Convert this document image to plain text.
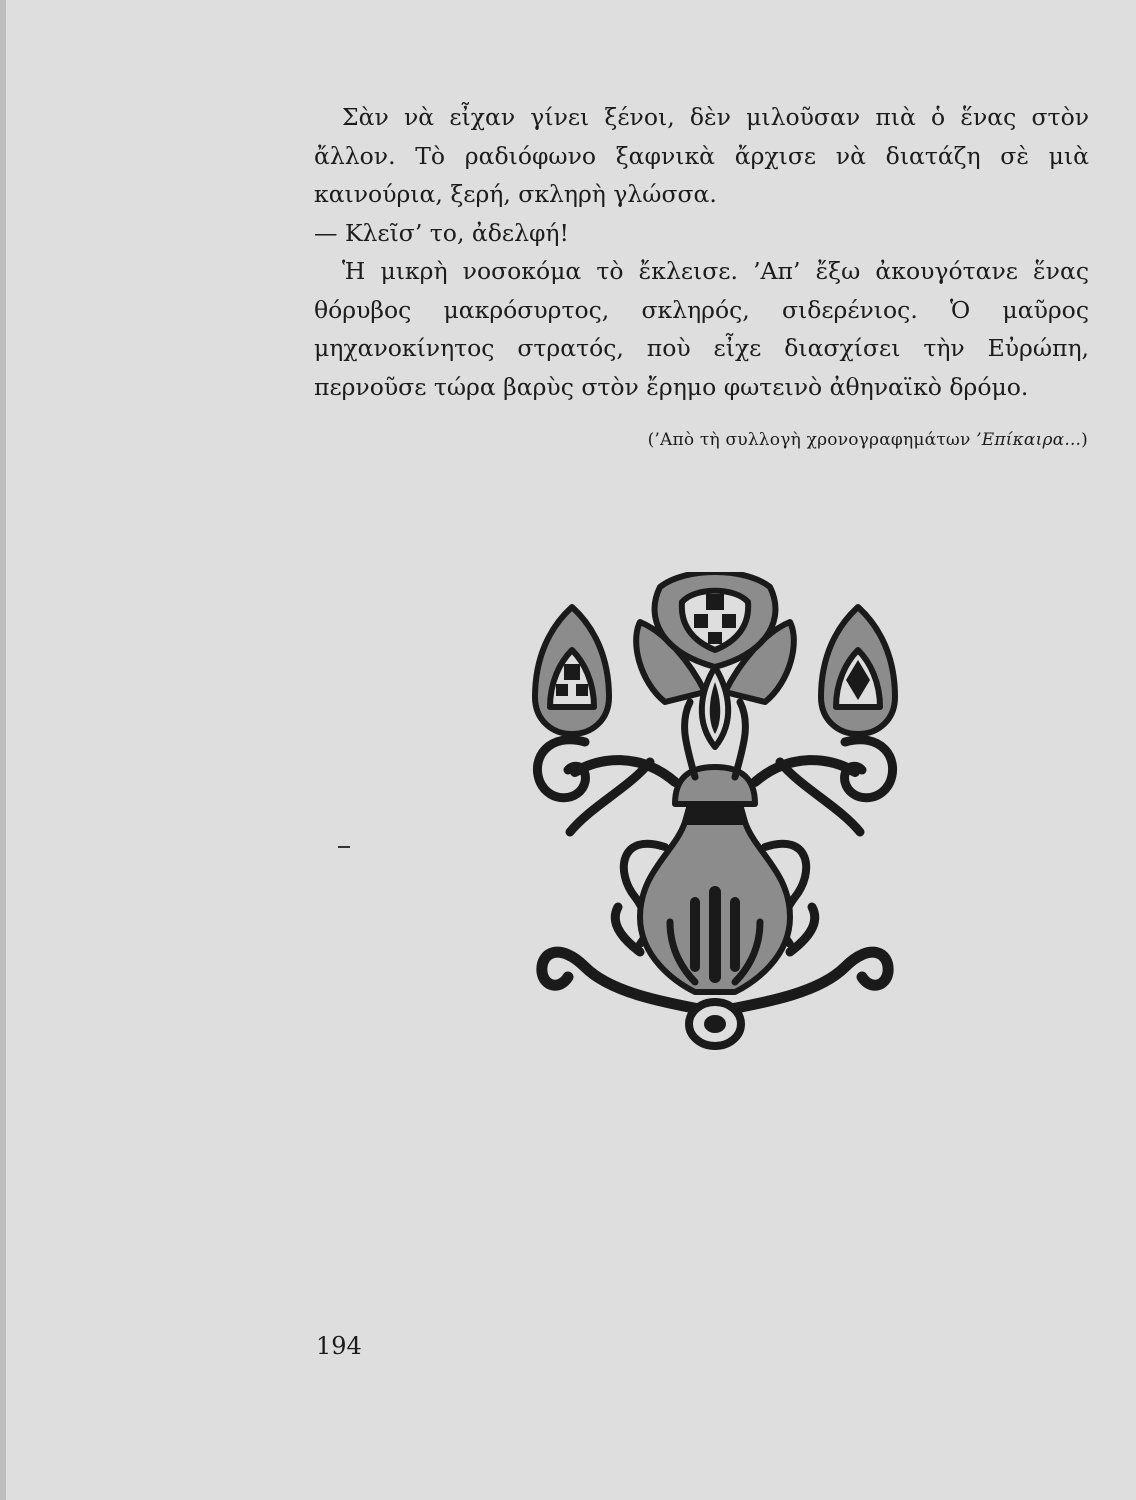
Σὰν νὰ εἶχαν γίνει ξένοι, δὲν μιλοῦσαν πιὰ ὁ ἕνας στὸν ἄλλον. Τὸ ραδιόφωνο ξαφνικὰ ἄρχισε νὰ διατάζη σὲ μιὰ καινούρια, ξερή, σκληρὴ γλώσσα.

— Κλεῖσ’ το, ἀδελφή!

Ἡ μικρὴ νοσοκόμα τὸ ἔκλεισε. ’Απ’ ἔξω ἀκουγότανε ἕνας θόρυβος μακρόσυρτος, σκληρός, σιδερένιος. Ὁ μαῦρος μηχανοκίνητος στρατός, ποὺ εἶχε διασχίσει τὴν Εὐρώπη, περνοῦσε τώρα βαρὺς στὸν ἔρημο φωτεινὸ ἀθηναϊκὸ δρόμο.

(’Απὸ τὴ συλλογὴ χρονογραφημάτων ’Επίκαιρα...)
194
